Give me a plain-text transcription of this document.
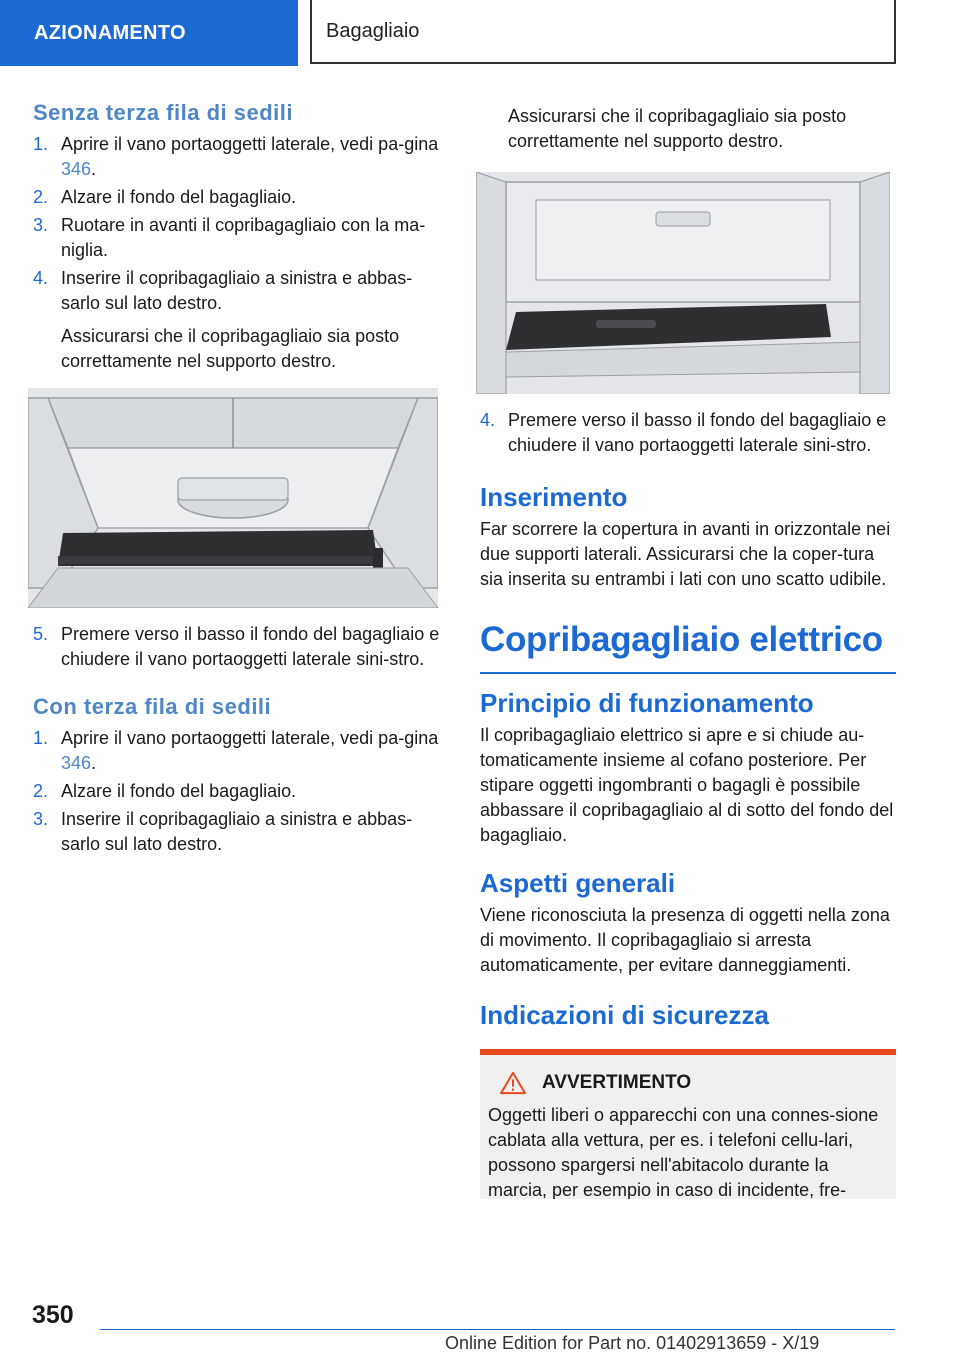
AZIONAMENTO	Bagagliaio
Senza terza fila di sedili
1. Aprire il vano portaoggetti laterale, vedi pa-gina 346.
2. Alzare il fondo del bagagliaio.
3. Ruotare in avanti il copribagagliaio con la ma-niglia.
4. Inserire il copribagagliaio a sinistra e abbas-sarlo sul lato destro.

Assicurarsi che il copribagagliaio sia posto correttamente nel supporto destro.

5. Premere verso il basso il fondo del bagagliaio e chiudere il vano portaoggetti laterale sini-stro.
Con terza fila di sedili
1. Aprire il vano portaoggetti laterale, vedi pa-gina 346.
2. Alzare il fondo del bagagliaio.
3. Inserire il copribagagliaio a sinistra e abbas-sarlo sul lato destro.

Assicurarsi che il copribagagliaio sia posto correttamente nel supporto destro.

4. Premere verso il basso il fondo del bagagliaio e chiudere il vano portaoggetti laterale sini-stro.
Inserimento

Far scorrere la copertura in avanti in orizzontale nei due supporti laterali. Assicurarsi che la coper-tura sia inserita su entrambi i lati con uno scatto udibile.

Copribagagliaio elettrico
Principio di funzionamento

Il copribagagliaio elettrico si apre e si chiude au-tomaticamente insieme al cofano posteriore. Per stipare oggetti ingombranti o bagagli è possibile abbassare il copribagagliaio al di sotto del fondo del bagagliaio.

Aspetti generali

Viene riconosciuta la presenza di oggetti nella zona di movimento. Il copribagagliaio si arresta automaticamente, per evitare danneggiamenti.

Indicazioni di sicurezza
AVVERTIMENTO
Oggetti liberi o apparecchi con una connes-sione cablata alla vettura, per es. i telefoni cellu-lari, possono spargersi nell'abitacolo durante la marcia, per esempio in caso di incidente, fre-
350
Online Edition for Part no. 01402913659 - X/19
